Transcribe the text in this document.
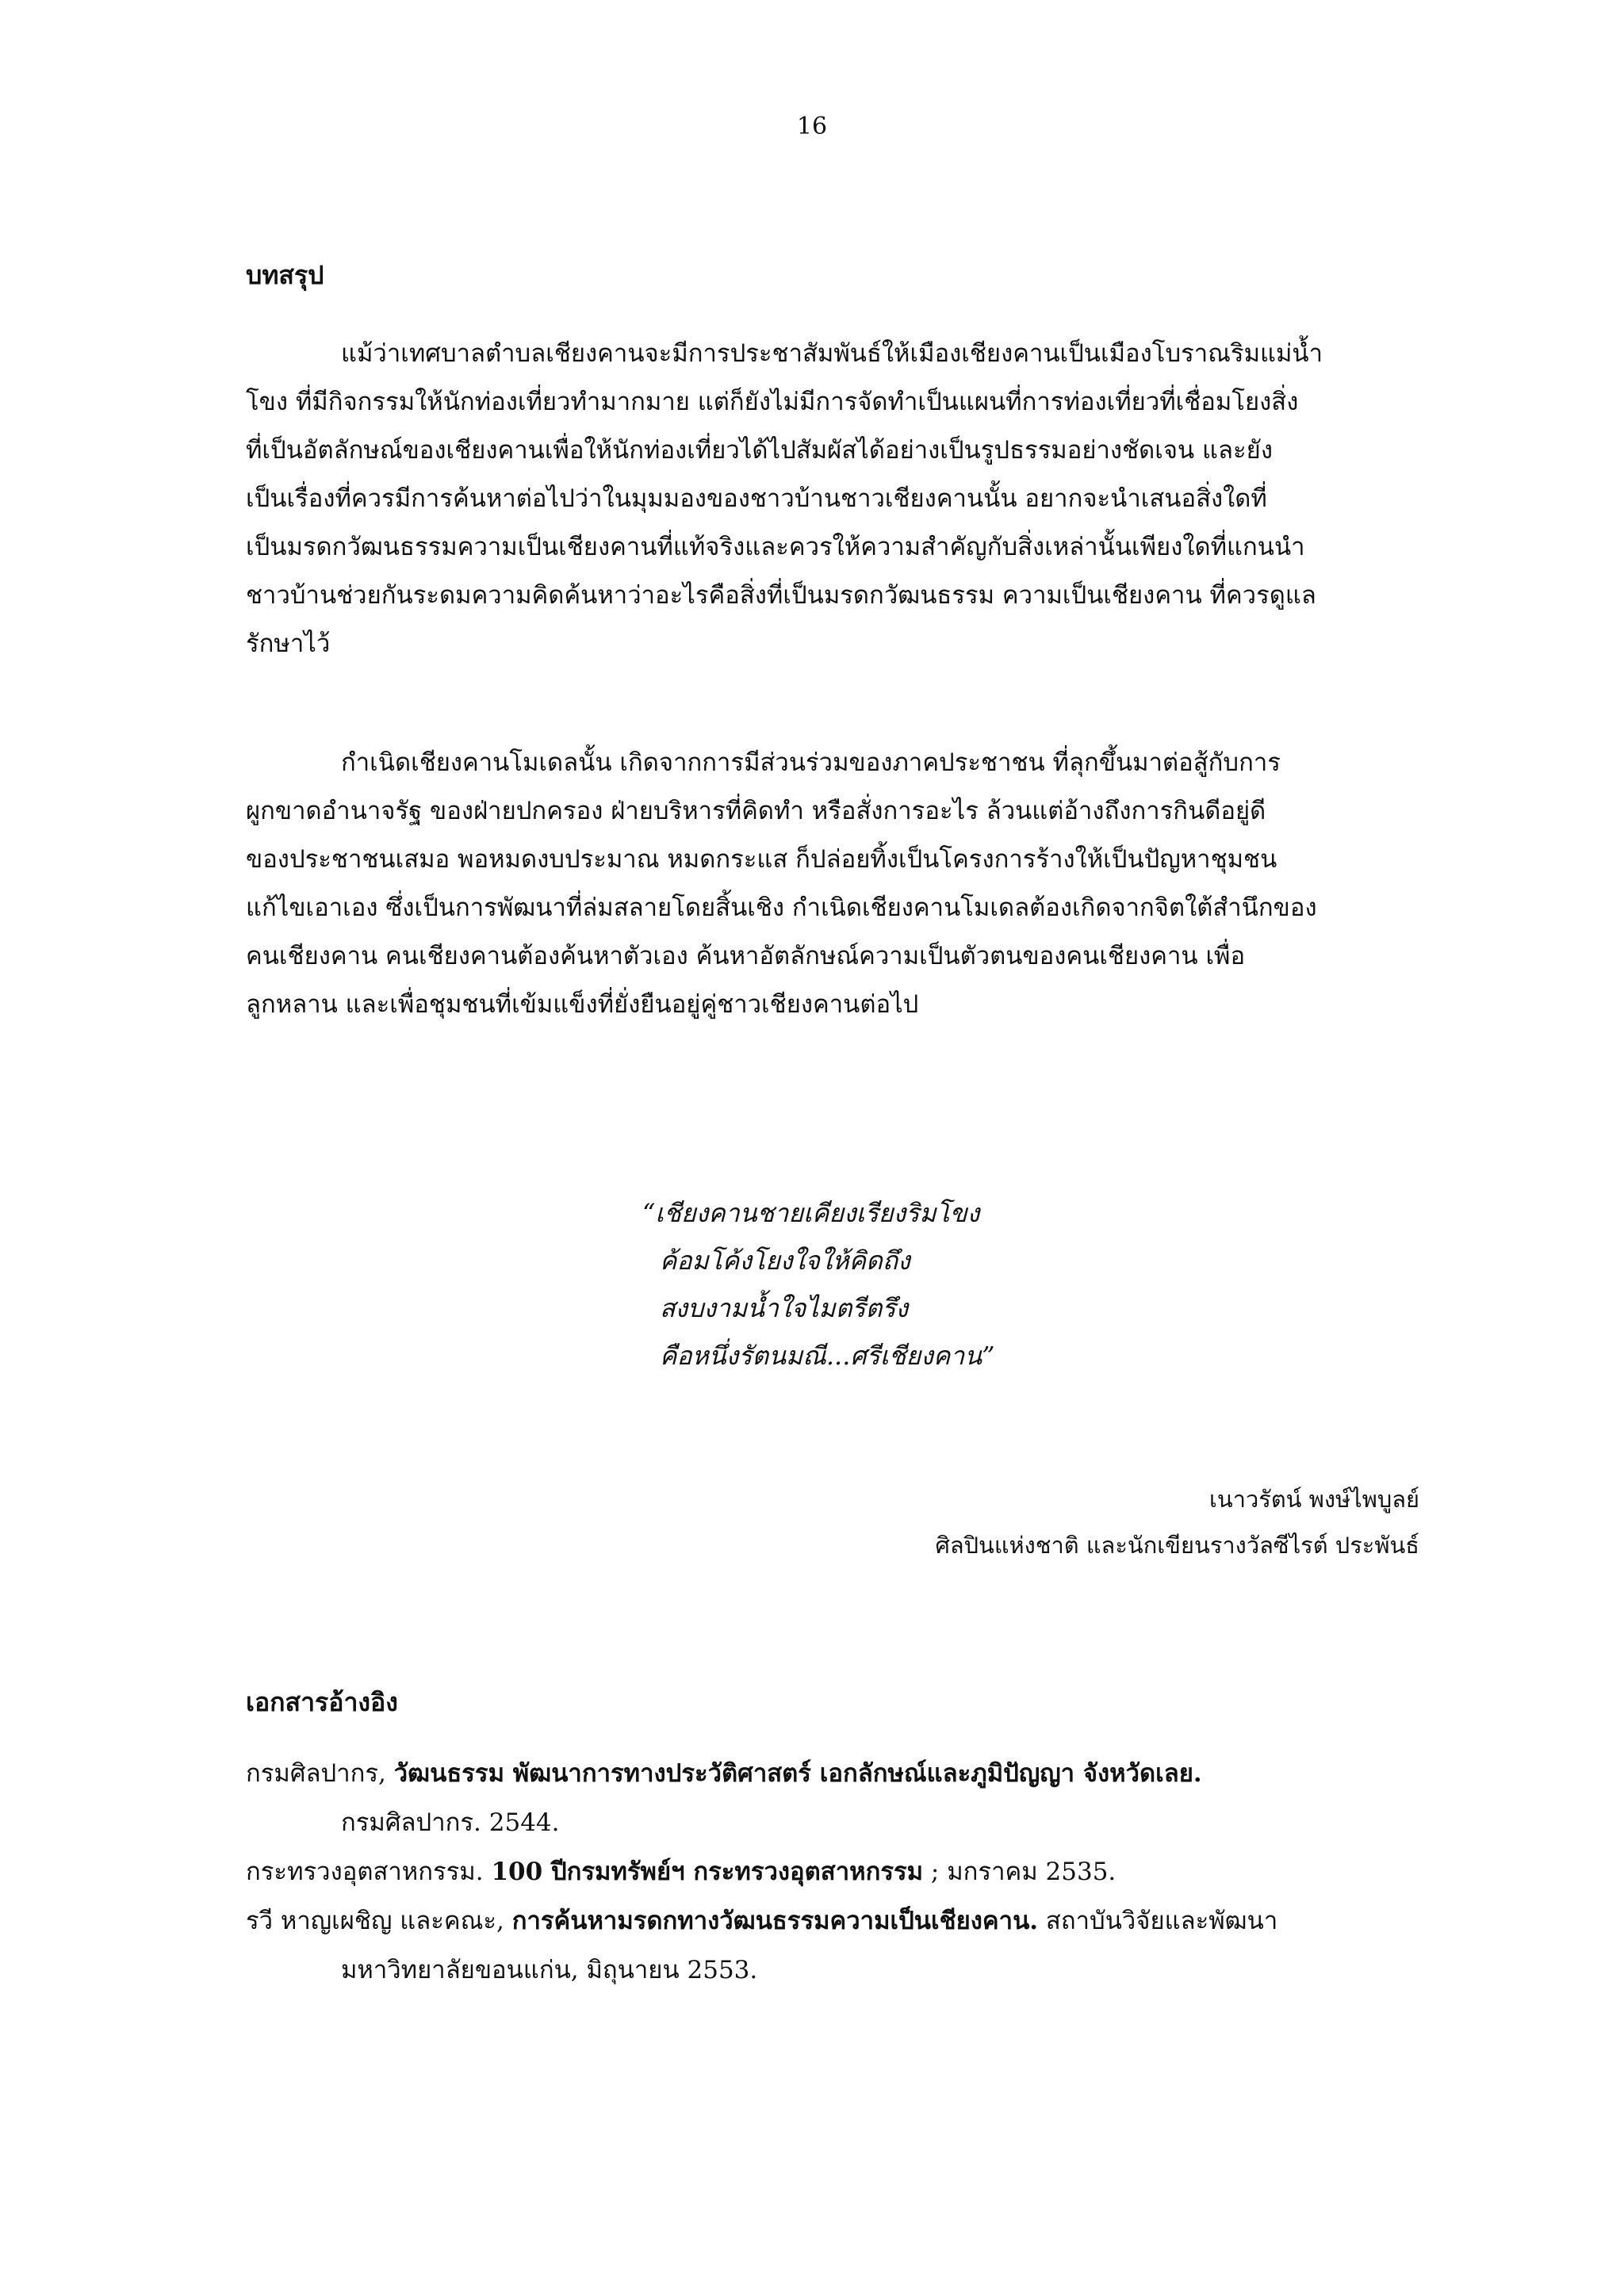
16
บทสรุป
แม้ว่าเทศบาลตำบลเชียงคานจะมีการประชาสัมพันธ์ให้เมืองเชียงคานเป็นเมืองโบราณริมแม่น้ำ
โขง ที่มีกิจกรรมให้นักท่องเที่ยวทำมากมาย แต่ก็ยังไม่มีการจัดทำเป็นแผนที่การท่องเที่ยวที่เชื่อมโยงสิ่ง
ที่เป็นอัตลักษณ์ของเชียงคานเพื่อให้นักท่องเที่ยวได้ไปสัมผัสได้อย่างเป็นรูปธรรมอย่างชัดเจน และยัง
เป็นเรื่องที่ควรมีการค้นหาต่อไปว่าในมุมมองของชาวบ้านชาวเชียงคานนั้น อยากจะนำเสนอสิ่งใดที่
เป็นมรดกวัฒนธรรมความเป็นเชียงคานที่แท้จริงและควรให้ความสำคัญกับสิ่งเหล่านั้นเพียงใดที่แกนนำ
ชาวบ้านช่วยกันระดมความคิดค้นหาว่าอะไรคือสิ่งที่เป็นมรดกวัฒนธรรม ความเป็นเชียงคาน ที่ควรดูแล
รักษาไว้
กำเนิดเชียงคานโมเดลนั้น เกิดจากการมีส่วนร่วมของภาคประชาชน ที่ลุกขึ้นมาต่อสู้กับการ
ผูกขาดอำนาจรัฐ ของฝ่ายปกครอง ฝ่ายบริหารที่คิดทำ หรือสั่งการอะไร ล้วนแต่อ้างถึงการกินดีอยู่ดี
ของประชาชนเสมอ พอหมดงบประมาณ หมดกระแส ก็ปล่อยทิ้งเป็นโครงการร้างให้เป็นปัญหาชุมชน
แก้ไขเอาเอง ซึ่งเป็นการพัฒนาที่ล่มสลายโดยสิ้นเชิง กำเนิดเชียงคานโมเดลต้องเกิดจากจิตใต้สำนึกของ
คนเชียงคาน คนเชียงคานต้องค้นหาตัวเอง ค้นหาอัตลักษณ์ความเป็นตัวตนของคนเชียงคาน เพื่อ
ลูกหลาน และเพื่อชุมชนที่เข้มแข็งที่ยั่งยืนอยู่คู่ชาวเชียงคานต่อไป
“เชียงคานชายเคียงเรียงริมโขง
ค้อมโค้งโยงใจให้คิดถึง
สงบงามน้ำใจไมตรีตรึง
คือหนึ่งรัตนมณี...ศรีเชียงคาน”
เนาวรัตน์ พงษ์ไพบูลย์
ศิลปินแห่งชาติ และนักเขียนรางวัลซีไรต์ ประพันธ์
เอกสารอ้างอิง
กรมศิลปากร, วัฒนธรรม พัฒนาการทางประวัติศาสตร์ เอกลักษณ์และภูมิปัญญา จังหวัดเลย.
กรมศิลปากร. 2544.
กระทรวงอุตสาหกรรม. 100 ปีกรมทรัพย์ฯ กระทรวงอุตสาหกรรม ; มกราคม 2535.
รวี หาญเผชิญ และคณะ, การค้นหามรดกทางวัฒนธรรมความเป็นเชียงคาน. สถาบันวิจัยและพัฒนา
มหาวิทยาลัยขอนแก่น, มิถุนายน 2553.
